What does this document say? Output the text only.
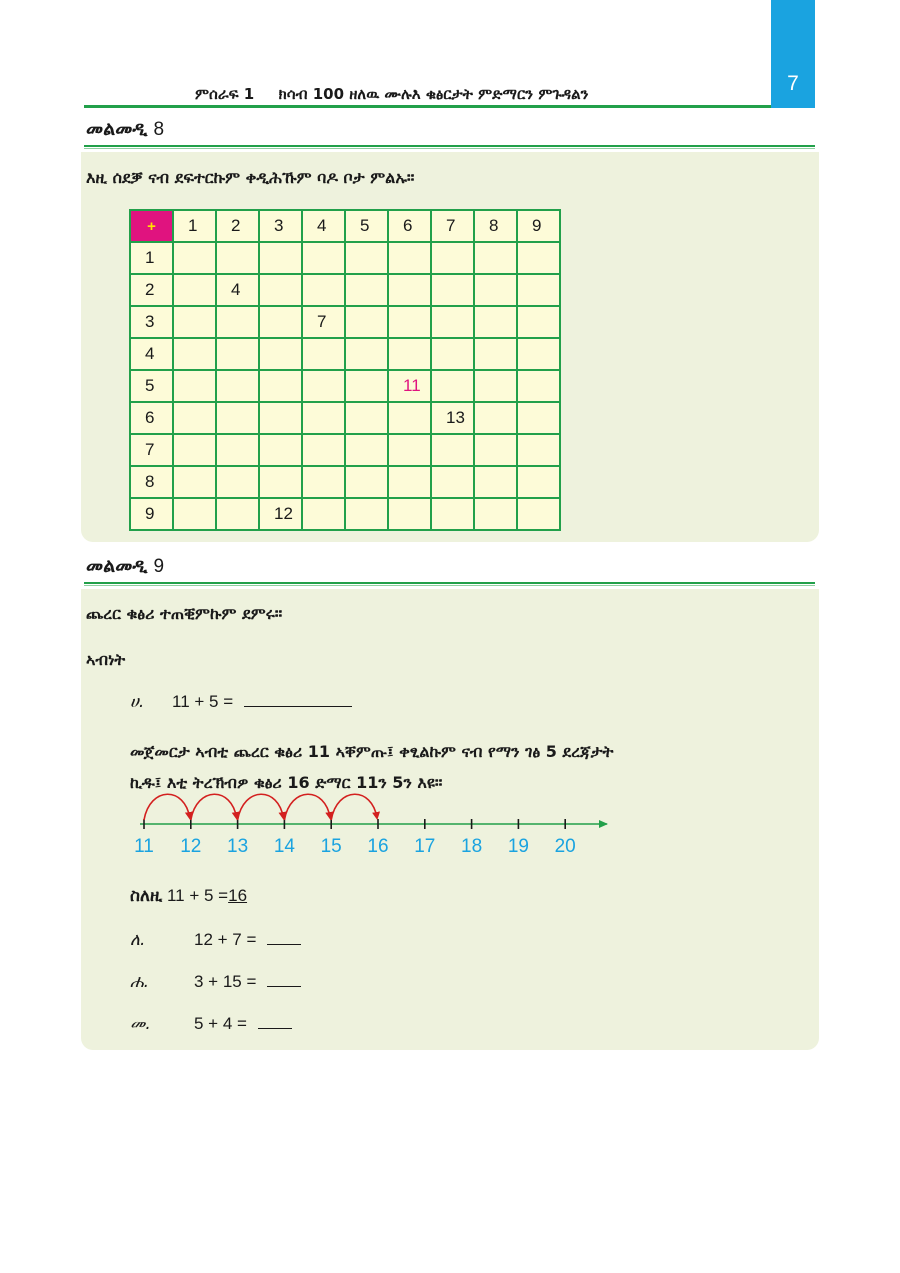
7
ምሰራፍ 1 ክሳብ 100 ዘለዉ ሙሉእ ቁፅርታት ምድማርን ምጉዳልን
መልመዲ 8
እዚ ሰደቓ ናብ ደፍተርኩም ቀዲሕኹም ባዶ ቦታ ምልኡ።
+	1	2	3	4	5	6	7	8	9
1									
2		4							
3				7					
4									
5						11			
6							13		
7									
8									
9			12						
መልመዲ 9
ጨረር ቁፅሪ ተጠቒምኩም ደምሩ።
ኣብነት
ሀ. 11 + 5 =
መጀመርታ ኣብቲ ጨረር ቁፅሪ 11 ኣቐምጡ፤ ቀፂልኩም ናብ የማን ገፅ 5 ደረጃታት
ኪዱ፤ እቲ ትረኽብዎ ቁፅሪ 16 ድማር 11ን 5ን እዩ።
11	12	13	14	15	16	17	18	19	20
ስለዚ 11 + 5 =16
ለ.	12 + 7 =
ሐ.	3 + 15 =
መ.	5 + 4 =
